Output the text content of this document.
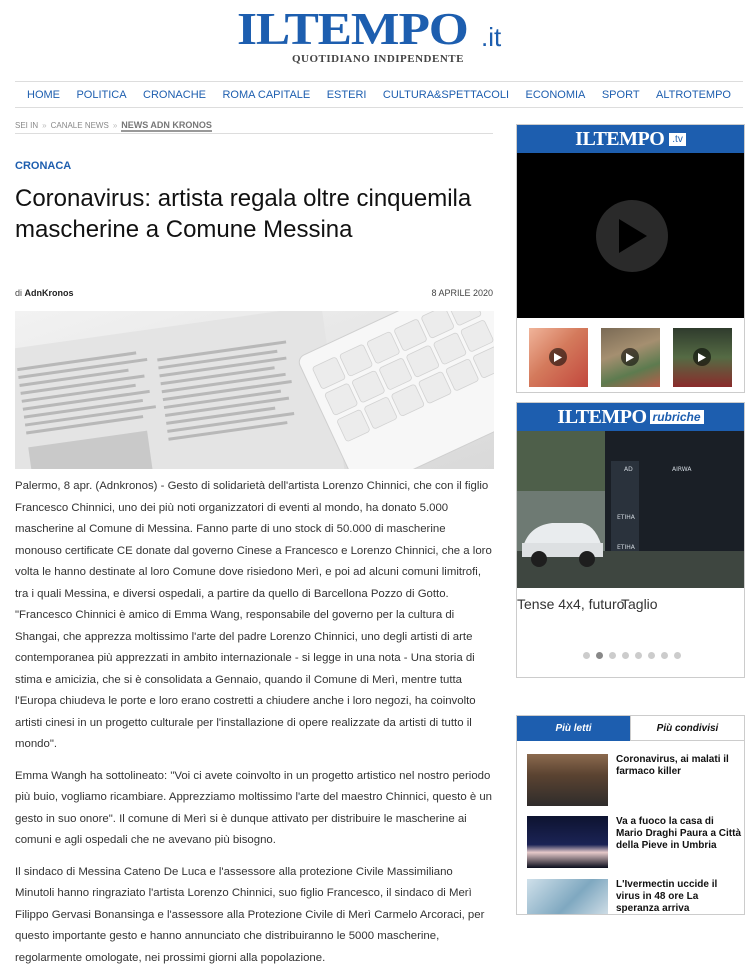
ILTEMPO .it
QUOTIDIANO INDIPENDENTE
HOME POLITICA CRONACHE ROMA CAPITALE ESTERI CULTURA&SPETTACOLI ECONOMIA SPORT ALTROTEMPO
SEI IN » CANALE NEWS » NEWS ADN KRONOS
CRONACA
Coronavirus: artista regala oltre cinquemila mascherine a Comune Messina
di AdnKronos	8 APRILE 2020

Palermo, 8 apr. (Adnkronos) - Gesto di solidarietà dell'artista Lorenzo Chinnici, che con il figlio Francesco Chinnici, uno dei più noti organizzatori di eventi al mondo, ha donato 5.000 mascherine al Comune di Messina. Fanno parte di uno stock di 50.000 di mascherine monouso certificate CE donate dal governo Cinese a Francesco e Lorenzo Chinnici, che a loro volta le hanno destinate al loro Comune dove risiedono Merì, e poi ad alcuni comuni limitrofi, tra i quali Messina, e diversi ospedali, a partire da quello di Barcellona Pozzo di Gotto. "Francesco Chinnici è amico di Emma Wang, responsabile del governo per la cultura di Shangai, che apprezza moltissimo l'arte del padre Lorenzo Chinnici, uno degli artisti di arte contemporanea più apprezzati in ambito internazionale - si legge in una nota - Una storia di stima e amicizia, che si è consolidata a Gennaio, quando il Comune di Merì, mentre tutta l'Europa chiudeva le porte e loro erano costretti a chiudere anche i loro negozi, ha coinvolto artisti cinesi in un progetto culturale per l'installazione di opere realizzate da artisti di tutto il mondo".

Emma Wangh ha sottolineato: "Voi ci avete coinvolto in un progetto artistico nel nostro periodo più buio, vogliamo ricambiare. Apprezziamo moltissimo l'arte del maestro Chinnici, questo è un gesto in suo onore". Il comune di Merì si è dunque attivato per distribuire le mascherine ai comuni e agli ospedali che ne avevano più bisogno.

Il sindaco di Messina Cateno De Luca e l'assessore alla protezione Civile Massimiliano Minutoli hanno ringraziato l'artista Lorenzo Chinnici, suo figlio Francesco, il sindaco di Merì Filippo Gervasi Bonansinga e l'assessore alla Protezione Civile di Merì Carmelo Arcoraci, per questo importante gesto e hanno annunciato che distribuiranno le 5000 mascherine, regolarmente omologate, nei prossimi giorni alla popolazione.

ILTEMPO .tv
ILTEMPO rubriche
AD
ETIHA
ETIHA
AIRWA
Tense 4x4, futuro
Taglio
Più letti	Più condivisi
Coronavirus, ai malati il farmaco killer
Va a fuoco la casa di Mario Draghi Paura a Città della Pieve in Umbria
L'Ivermectin uccide il virus in 48 ore La speranza arriva
